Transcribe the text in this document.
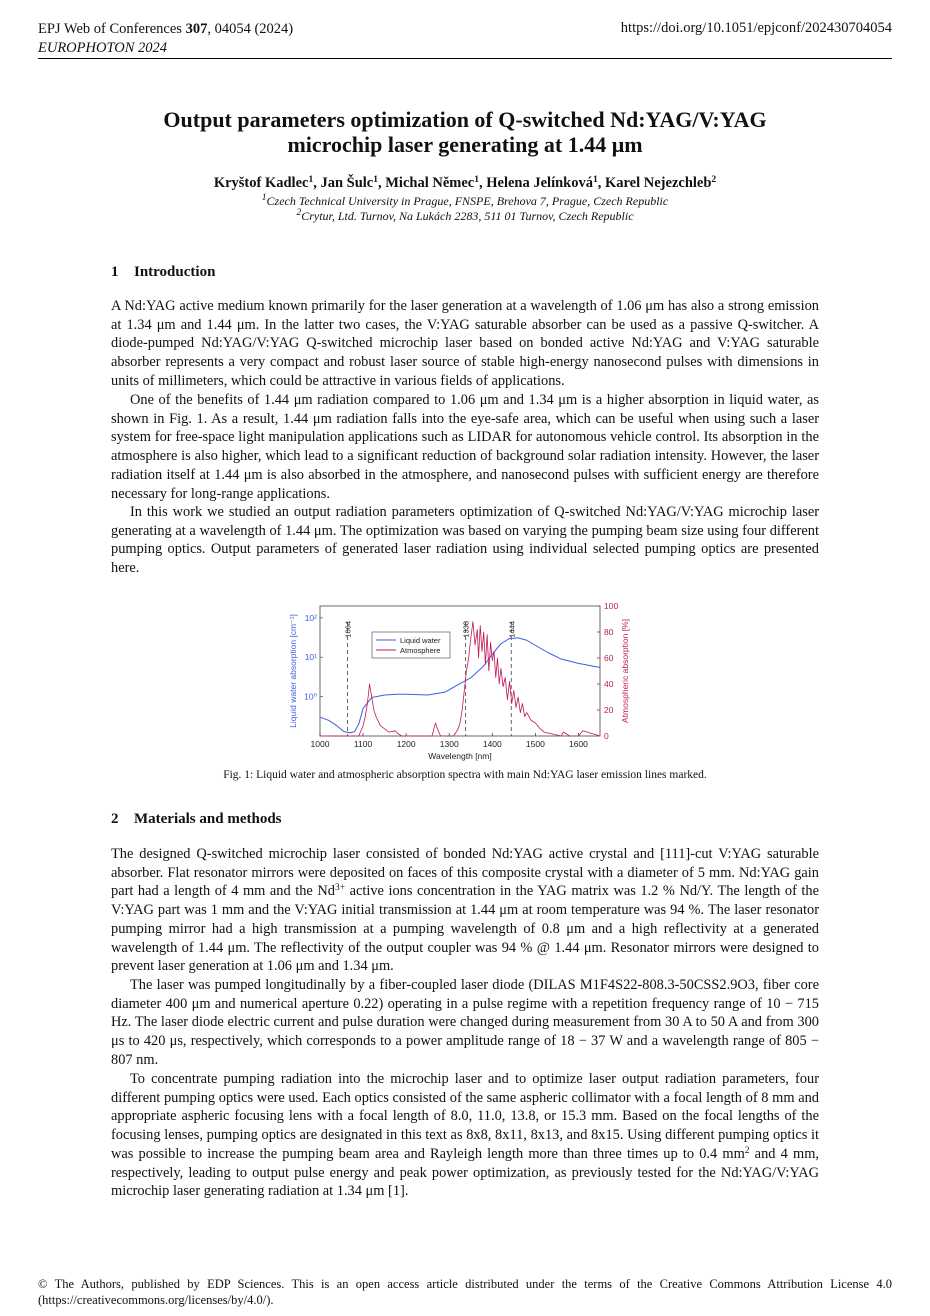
EPJ Web of Conferences 307, 04054 (2024)
EUROPHOTON 2024
https://doi.org/10.1051/epjconf/202430704054
Output parameters optimization of Q-switched Nd:YAG/V:YAG
microchip laser generating at 1.44 μm
Kryštof Kadlec$^1$, Jan Šulc$^1$, Michal Němec$^1$, Helena Jelínková$^1$, Karel Nejezchleb$^2$
$^1$Czech Technical University in Prague, FNSPE, Brehova 7, Prague, Czech Republic
$^2$Crytur, Ltd. Turnov, Na Lukách 2283, 511 01 Turnov, Czech Republic
1 Introduction

A Nd:YAG active medium known primarily for the laser generation at a wavelength of 1.06 μm has also a strong emission at 1.34 μm and 1.44 μm. In the latter two cases, the V:YAG saturable absorber can be used as a passive Q-switcher. A diode-pumped Nd:YAG/V:YAG Q-switched microchip laser based on bonded active Nd:YAG and V:YAG saturable absorber represents a very compact and robust laser source of stable high-energy nanosecond pulses with dimensions in units of millimeters, which could be attractive in various fields of applications.

One of the benefits of 1.44 μm radiation compared to 1.06 μm and 1.34 μm is a higher absorption in liquid water, as shown in Fig. 1. As a result, 1.44 μm radiation falls into the eye-safe area, which can be useful when using such a laser system for free-space light manipulation applications such as LIDAR for autonomous vehicle control. Its absorption in the atmosphere is also higher, which lead to a significant reduction of background solar radiation intensity. However, the laser radiation itself at 1.44 μm is also absorbed in the atmosphere, and nanosecond pulses with sufficient energy are therefore necessary for long-range applications.

In this work we studied an output radiation parameters optimization of Q-switched Nd:YAG/V:YAG microchip laser generating at a wavelength of 1.44 μm. The optimization was based on varying the pumping beam size using four different pumping optics. Output parameters of generated laser radiation using individual selected pumping optics are presented here.

1000	1100	1200	1300	1400	1500	1600
Wavelength [nm]
10²
10¹
10⁰
Liquid water absorption [cm⁻¹]
0
20
40
60
80
100
Atmospheric absorption [%]
1064	1338	1444
Liquid water
Atmosphere
Fig. 1: Liquid water and atmospheric absorption spectra with main Nd:YAG laser emission lines marked.
2 Materials and methods

The designed Q-switched microchip laser consisted of bonded Nd:YAG active crystal and [111]-cut V:YAG saturable absorber. Flat resonator mirrors were deposited on faces of this composite crystal with a diameter of 5 mm. Nd:YAG gain part had a length of 4 mm and the $Nd^{3+}$ active ions concentration in the YAG matrix was 1.2 % Nd/Y. The length of the V:YAG part was 1 mm and the V:YAG initial transmission at 1.44 μm at room temperature was 94 %. The laser resonator pumping mirror had a high transmission at a pumping wavelength of 0.8 μm and a high reflectivity at a generated wavelength of 1.44 μm. The reflectivity of the output coupler was 94 % @ 1.44 μm. Resonator mirrors were designed to prevent laser generation at 1.06 μm and 1.34 μm.

The laser was pumped longitudinally by a fiber-coupled laser diode (DILAS M1F4S22-808.3-50CSS2.9O3, fiber core diameter 400 μm and numerical aperture 0.22) operating in a pulse regime with a repetition frequency range of 10 − 715 Hz. The laser diode electric current and pulse duration were changed during measurement from 30 A to 50 A and from 300 μs to 420 μs, respectively, which corresponds to a power amplitude range of 18 − 37 W and a wavelength range of 805 − 807 nm.

To concentrate pumping radiation into the microchip laser and to optimize laser output radiation parameters, four different pumping optics were used. Each optics consisted of the same aspheric collimator with a focal length of 8 mm and appropriate aspheric focusing lens with a focal length of 8.0, 11.0, 13.8, or 15.3 mm. Based on the focal lengths of the focusing lenses, pumping optics are designated in this text as 8x8, 8x11, 8x13, and 8x15. Using different pumping optics it was possible to increase the pumping beam area and Rayleigh length more than three times up to 0.4 $mm^2$ and 4 mm, respectively, leading to output pulse energy and peak power optimization, as previously tested for the Nd:YAG/V:YAG microchip laser generating radiation at 1.34 μm [1].

© The Authors, published by EDP Sciences. This is an open access article distributed under the terms of the Creative Commons Attribution License 4.0 (https://creativecommons.org/licenses/by/4.0/).
